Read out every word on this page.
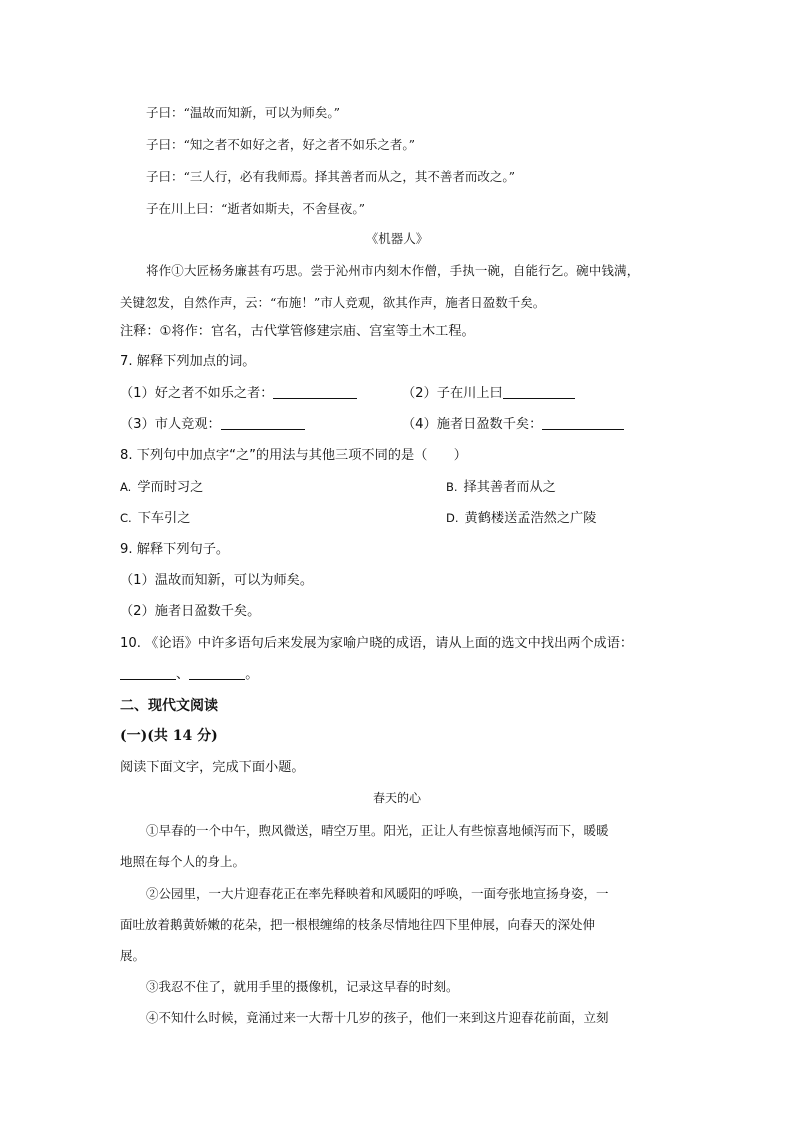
子曰：“温故而知新，可以为师矣。”
子曰：“知之者不如好之者，好之者不如乐之者。”
子曰：“三人行，必有我师焉。择其善者而从之，其不善者而改之。”
子在川上曰：“逝者如斯夫，不舍昼夜。”
《机器人》
将作①大匠杨务廉甚有巧思。尝于沁州市内刻木作僧，手执一碗，自能行乞。碗中钱满，
关键忽发，自然作声，云：“布施！”市人竞观，欲其作声，施者日盈数千矣。
注释：①将作：官名，古代掌管修建宗庙、宫室等土木工程。
7. 解释下列加点的词。
（1）好之者不如乐之者：	（2）子在川上曰
（3）市人竞观：	（4）施者日盈数千矣：
8. 下列句中加点字“之”的用法与其他三项不同的是（　　）
A. 学而时习之	B. 择其善者而从之
C. 下车引之	D. 黄鹤楼送孟浩然之广陵
9. 解释下列句子。
（1）温故而知新，可以为师矣。
（2）施者日盈数千矣。
10. 《论语》中许多语句后来发展为家喻户晓的成语，请从上面的选文中找出两个成语：
、	。
二、现代文阅读
(一)(共 14 分)
阅读下面文字，完成下面小题。
春天的心
①早春的一个中午，煦风微送，晴空万里。阳光，正让人有些惊喜地倾泻而下，暖暖
地照在每个人的身上。
②公园里，一大片迎春花正在率先释映着和风暖阳的呼唤，一面夸张地宣扬身姿，一
面吐放着鹅黄娇嫩的花朵，把一根根缠绵的枝条尽情地往四下里伸展，向春天的深处伸
展。
③我忍不住了，就用手里的摄像机，记录这早春的时刻。
④不知什么时候，竟涌过来一大帮十几岁的孩子，他们一来到这片迎春花前面，立刻
